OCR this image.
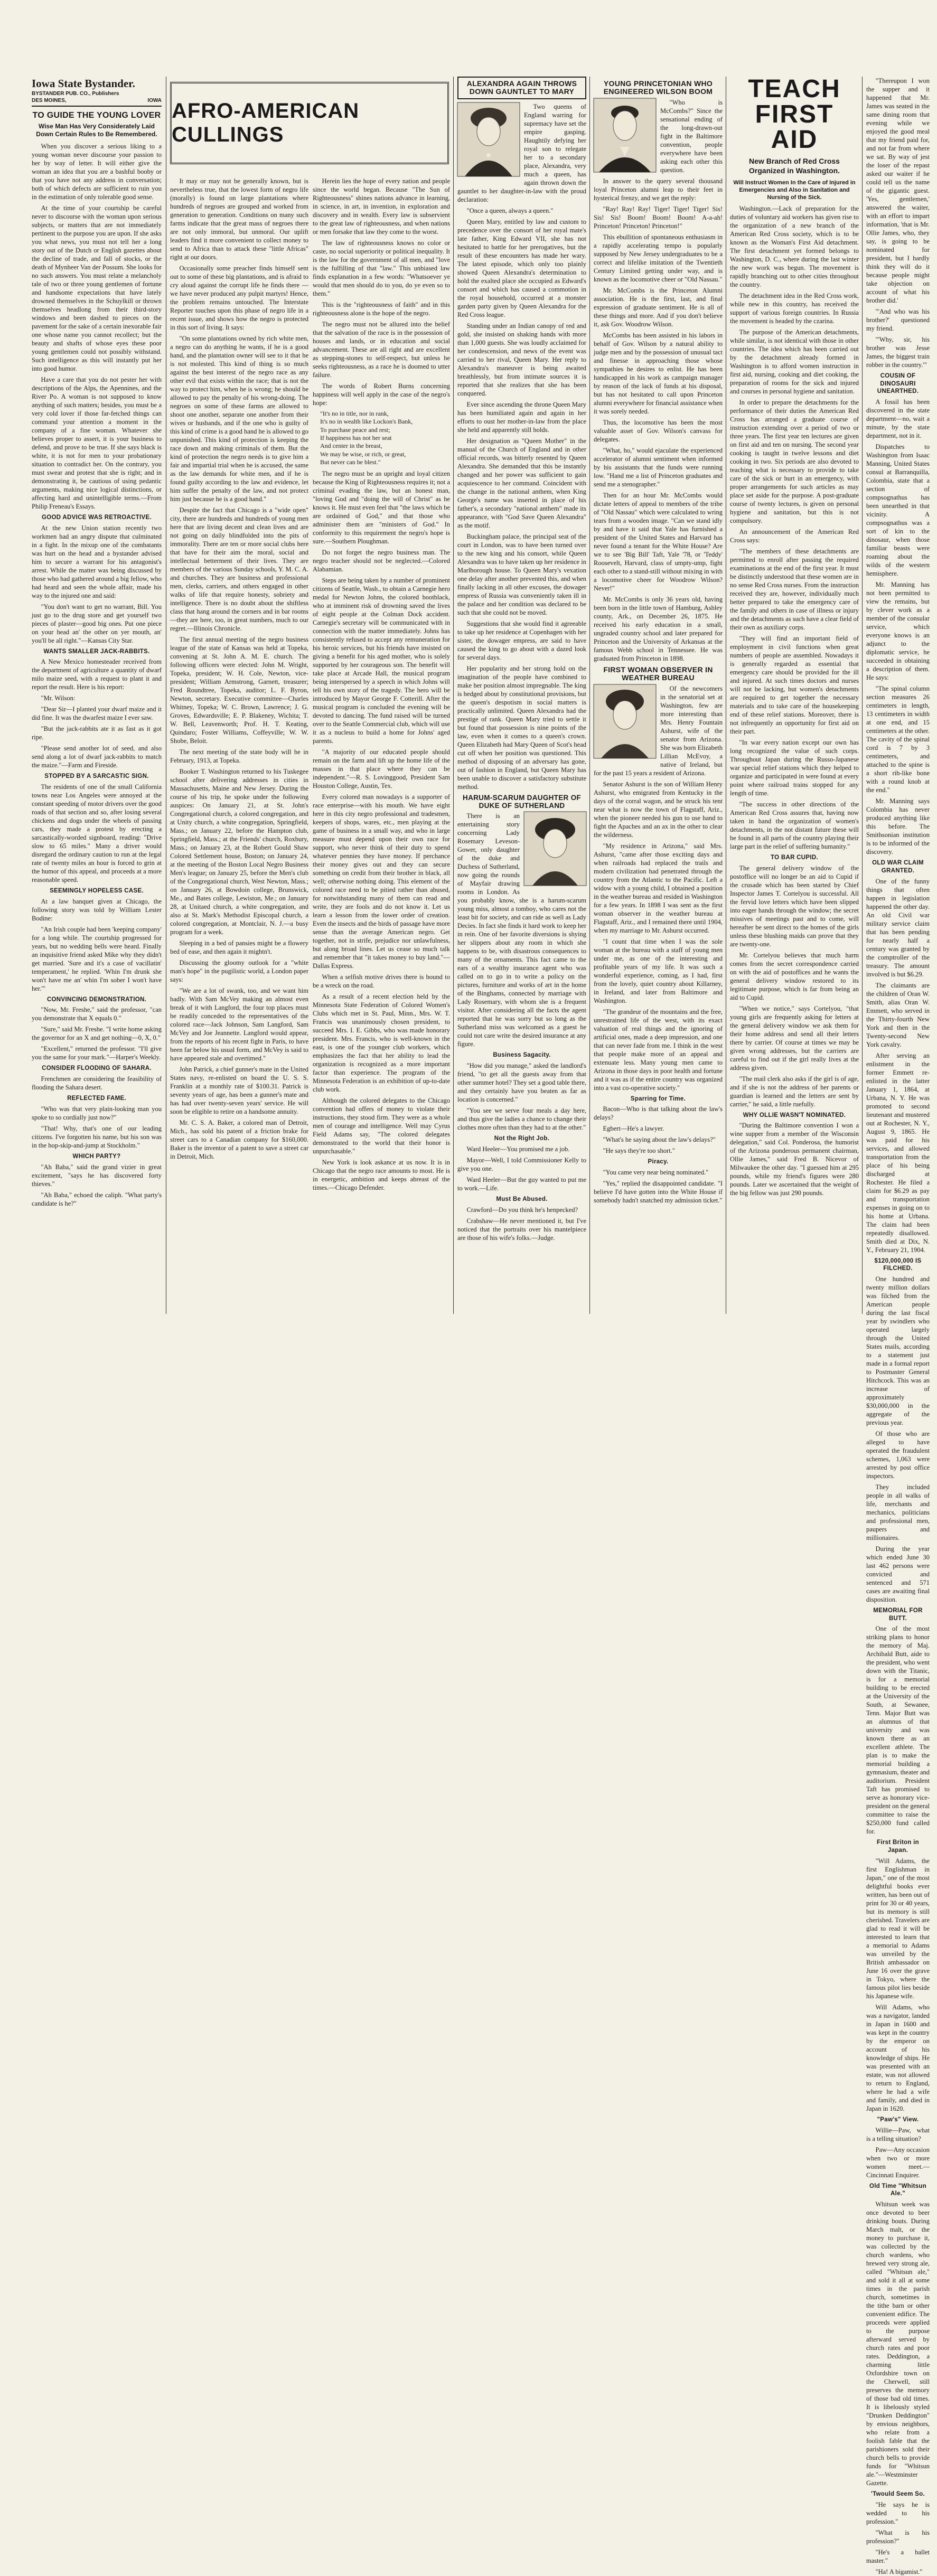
Iowa State Bystander.
BYSTANDER PUB. CO., Publishers
DES MOINES,	IOWA
TO GUIDE THE YOUNG LOVER
Wise Man Has Very Considerately Laid Down Certain Rules to Be Remembered.

When you discover a serious liking to a young woman never discourse your passion to her by way of letter. It will either give the woman an idea that you are a bashful booby or that you have not any address in conversation; both of which defects are sufficient to ruin you in the estimation of only tolerable good sense.

At the time of your courtship be careful never to discourse with the woman upon serious subjects, or matters that are not immediately pertinent to the purpose you are upon. If she asks you what news, you must not tell her a long story out of the Dutch or English gazettes about the decline of trade, and fall of stocks, or the death of Mynheer Van der Possum. She looks for no such answers. You must relate a melancholy tale of two or three young gentlemen of fortune and handsome expectations that have lately drowned themselves in the Schuylkill or thrown themselves headlong from their third-story windows and been dashed to pieces on the pavement for the sake of a certain inexorable fair one whose name you cannot recollect; but the beauty and shafts of whose eyes these poor young gentlemen could not possibly withstand. Such intelligence as this will instantly put her into good humor.

Have a care that you do not pester her with descriptions of the Alps, the Apennines, and the River Po. A woman is not supposed to know anything of such matters; besides, you must be a very cold lover if those far-fetched things can command your attention a moment in the company of a fine woman. Whatever she believes proper to assert, it is your business to defend, and prove to be true. If she says black is white, it is not for men to your probationary situation to contradict her. On the contrary, you must swear and protest that she is right; and in demonstrating it, be cautious of using pedantic arguments, making nice logical distinctions, or affecting hard and unintelligible terms.—From Philip Freneau's Essays.

GOOD ADVICE WAS RETROACTIVE.

At the new Union station recently two workmen had an angry dispute that culminated in a fight. In the mixup one of the combatants was hurt on the head and a bystander advised him to secure a warrant for his antagonist's arrest. While the matter was being discussed by those who had gathered around a big fellow, who had heard and seen the whole affair, made his way to the injured one and said:

"You don't want to get no warrant, Bill. You just go to the drug store and get yourself two pieces of plaster—good big ones. Put one piece on your head an' the other on yer mouth, an' you'll be all right."—Kansas City Star.

WANTS SMALLER JACK-RABBITS.

A New Mexico homesteader received from the department of agriculture a quantity of dwarf milo maize seed, with a request to plant it and report the result. Here is his report:

"Mr. Wilson:

"Dear Sir—I planted your dwarf maize and it did fine. It was the dwarfest maize I ever saw.

"But the jack-rabbits ate it as fast as it got ripe.

"Please send another lot of seed, and also send along a lot of dwarf jack-rabbits to match the maize."—Farm and Fireside.

STOPPED BY A SARCASTIC SIGN.

The residents of one of the small California towns near Los Angeles were annoyed at the constant speeding of motor drivers over the good roads of that section and so, after losing several chickens and dogs under the wheels of passing cars, they made a protest by erecting a sarcastically-worded signboard, reading: "Drive slow to 65 miles." Many a driver would disregard the ordinary caution to run at the legal rate of twenty miles an hour is forced to grin at the humor of this appeal, and proceeds at a more reasonable speed.

SEEMINGLY HOPELESS CASE.

At a law banquet given at Chicago, the following story was told by William Lester Bodine:

"An Irish couple had been 'keeping company' for a long while. The courtship progressed for years, but no wedding bells were heard. Finally an inquisitive friend asked Mike why they didn't get married. 'Sure and it's a case of vacillatin' temperament,' he replied. 'Whin I'm drunk she won't have me an' whin I'm sober I won't have her.'"

CONVINCING DEMONSTRATION.

"Now, Mr. Freshe," said the professor, "can you demonstrate that X equals 0."

"Sure," said Mr. Freshe. "I write home asking the governor for an X and get nothing—0, X, 0."

"Excellent," returned the professor. "I'll give you the same for your mark."—Harper's Weekly.

CONSIDER FLOODING OF SAHARA.

Frenchmen are considering the feasibility of flooding the Sahara desert.

REFLECTED FAME.

"Who was that very plain-looking man you spoke to so cordially just now?"

"That! Why, that's one of our leading citizens. I've forgotten his name, but his son was in the hop-skip-and-jump at Stockholm."

WHICH PARTY?

"Ah Baba," said the grand vizier in great excitement, "says he has discovered forty thieves."

"Ah Baba," echoed the caliph. "What party's candidate is he?"

AFRO-AMERICAN CULLINGS

It may or may not be generally known, but is nevertheless true, that the lowest form of negro life (morally) is found on large plantations where hundreds of negroes are grouped and worked from generation to generation. Conditions on many such farms indicate that the great mass of negroes there are not only immoral, but unmoral. Our uplift leaders find it more convenient to collect money to send to Africa than to attack these "little Africas" right at our doors.

Occasionally some preacher finds himself sent out to some of these big plantations, and is afraid to cry aloud against the corrupt life he finds there —we have never produced any pulpit martyrs! Hence, the problem remains untouched. The Interstate Reporter touches upon this phase of negro life in a recent issue, and shows how the negro is protected in this sort of living. It says:

"On some plantations owned by rich white men, a negro can do anything he wants, if he is a good hand, and the plantation owner will see to it that he is not molested. This kind of thing is so much against the best interest of the negro race as any other evil that exists within the race; that is not the way to protect him, when he is wrong; he should be allowed to pay the penalty of his wrong-doing. The negroes on some of these farms are allowed to shoot one another, separate one another from their wives or husbands, and if the one who is guilty of this kind of crime is a good hand he is allowed to go unpunished. This kind of protection is keeping the race down and making criminals of them. But the kind of protection the negro needs is to give him a fair and impartial trial when he is accused, the same as the law demands for white men, and if he is found guilty according to the law and evidence, let him suffer the penalty of the law, and not protect him just because he is a good hand."

Despite the fact that Chicago is a "wide open" city, there are hundreds and hundreds of young men here that are living decent and clean lives and are not going on daily blindfolded into the pits of immorality. There are ten or more social clubs here that have for their aim the moral, social and intellectual betterment of their lives. They are members of the various Sunday schools, Y. M. C. A. and churches. They are business and professional men, clerks, carriers, and others engaged in other walks of life that require honesty, sobriety and intelligence. There is no doubt about the shiftless class that hang around the corners and in bar rooms—they are here, too, in great numbers, much to our regret.—Illinois Chronicle.

The first annual meeting of the negro business league of the state of Kansas was held at Topeka, convening at St. John A. M. E. church. The following officers were elected: John M. Wright, Topeka, president; W. H. Cole, Newton, vice-president; William Armstrong, Garnett, treasurer; Fred Roundtree, Topeka, auditor; L. F. Byron, Newton, secretary. Executive committee—Charles Whitney, Topeka; W. C. Brown, Lawrence; J. G. Groves, Edwardsville; E. P. Blakeney, Wichita; T. W. Bell, Leavenworth; Prof. H. T. Keating, Quindaro; Foster Williams, Coffeyville; W. W. Shobe, Beloit.

The next meeting of the state body will be in February, 1913, at Topeka.

Booker T. Washington returned to his Tuskegee school after delivering addresses in cities in Massachusetts, Maine and New Jersey. During the course of his trip, he spoke under the following auspices: On January 21, at St. John's Congregational church, a colored congregation, and at Unity church, a white congregation, Springfield, Mass.; on January 22, before the Hampton club, Springfield, Mass.; at the Friends' church, Roxbury, Mass.; on January 23, at the Robert Gould Shaw Colored Settlement house, Boston; on January 24, at the meeting of the Boston Local Negro Business Men's league; on January 25, before the Men's club of the Congregational church, West Newton, Mass.; on January 26, at Bowdoin college, Brunswick, Me., and Bates college, Lewiston, Me.; on January 28, at Unitaed church, a white congregation, and also at St. Mark's Methodist Episcopal church, a colored congregation, at Montclair, N. J.—a busy program for a week.

Sleeping in a bed of pansies might be a flowery bed of ease, and then again it mightn't.

Discussing the gloomy outlook for a "white man's hope" in the pugilistic world, a London paper says:

"We are a lot of swank, too, and we want him badly. With Sam McVey making an almost even break of it with Langford, the four top places must be readily conceded to the representatives of the colored race—Jack Johnson, Sam Langford, Sam McVey and Joe Jeannette. Langford would appear, from the reports of his recent fight in Paris, to have been far below his usual form, and McVey is said to have appeared stale and overtimed."

John Patrick, a chief gunner's mate in the United States navy, re-enlisted on board the U. S. S. Franklin at a monthly rate of $100.31. Patrick is seventy years of age, has been a gunner's mate and has had over twenty-seven years' service. He will soon be eligible to retire on a handsome annuity.

Mr. C. S. A. Baker, a colored man of Detroit, Mich., has sold his patent of a friction brake for street cars to a Canadian company for $160,000. Baker is the inventor of a patent to save a street car in Detroit, Mich.

Herein lies the hope of every nation and people since the world began. Because "The Sun of Righteousness" shines nations advance in learning, in science, in art, in invention, in exploration and discovery and in wealth. Every law is subservient to the great law of righteousness, and when nations or men forsake that law they come to the worst.

The law of righteousness knows no color or caste, no social superiority or political inequality. It is the law for the government of all men, and "love is the fulfilling of that "law." This unbiased law finds explanation in a few words: "Whatsoever ye would that men should do to you, do ye even so to them."

This is the "righteousness of faith" and in this righteousness alone is the hope of the negro.

The negro must not be allured into the belief that the salvation of the race is in the possession of houses and lands, or in education and social advancement. These are all right and are excellent as stepping-stones to self-respect, but unless he seeks righteousness, as a race he is doomed to utter failure.

The words of Robert Burns concerning happiness will well apply in the case of the negro's hope:

"It's no in title, nor in rank,
It's no in wealth like Lockon's Bank,
To purchase peace and rest;
If happiness has not her seat
And center in the breast,
We may be wise, or rich, or great,
But never can be blest."

The negro must be an upright and loyal citizen because the King of Righteousness requires it; not a criminal evading the law, but an honest man, "loving God and "doing the will of Christ" as he knows it. He must even feel that "the laws which be are ordained of God," and that those who administer them are "ministers of God." In conformity to this requirement the negro's hope is sure.—Southern Ploughman.

Do not forget the negro business man. The negro teacher should not be neglected.—Colored Alabamian.

Steps are being taken by a number of prominent citizens of Seattle, Wash., to obtain a Carnegie hero medal for Newton Johns, the colored bootblack, who at imminent risk of drowning saved the lives of eight people at the Colman Dock accident. Carnegie's secretary will be communicated with in connection with the matter immediately. Johns has consistently refused to accept any remuneration for his heroic services, but his friends have insisted on giving a benefit for his aged mother, who is solely supported by her courageous son. The benefit will take place at Arcade Hall, the musical program being interspersed by a speech in which Johns will tell his own story of the tragedy. The hero will be introduced by Mayor George F. Cotterill. After the musical program is concluded the evening will be devoted to dancing. The fund raised will be turned over to the Seattle Commercial club, which will use it as a nucleus to build a home for Johns' aged parents.

"A majority of our educated people should remain on the farm and lift up the home life of the masses in that place where they can be independent."—R. S. Lovinggood, President Sam Houston College, Austin, Tex.

Every colored man nowadays is a supporter of race enterprise—with his mouth. We have eight here in this city negro professional and tradesmen, keepers of shops, wares, etc., men playing at the game of business in a small way, and who in large measure must depend upon their own race for support, who never think of their duty to spend whatever pennies they have money. If perchance their money gives out and they can secure something on credit from their brother in black, all well; otherwise nothing doing. This element of the colored race need to be pitied rather than abused, for notwithstanding many of them can read and write, they are fools and do not know it. Let us learn a lesson from the lower order of creation. Even the insects and the birds of passage have more sense than the average American negro. Get together, not in strife, prejudice nor unlawfulness, but along broad lines. Let us cease so much talk and remember that "it takes money to buy land."—Dallas Express.

When a selfish motive drives there is bound to be a wreck on the road.

As a result of a recent election held by the Minnesota State Federation of Colored Women's Clubs which met in St. Paul, Minn., Mrs. W. T. Francis was unanimously chosen president, to succeed Mrs. I. E. Gibbs, who was made honorary president. Mrs. Francis, who is well-known in the east, is one of the younger club workers, which emphasizes the fact that her ability to lead the organization is recognized as a more important factor than experience. The program of the Minnesota Federation is an exhibition of up-to-date club work.

Although the colored delegates to the Chicago convention had offers of money to violate their instructions, they stood firm. They were as a whole men of courage and intelligence. Well may Cyrus Field Adams say, "The colored delegates demonstrated to the world that their honor is unpurchasable."

New York is look askance at us now. It is in Chicago that the negro race amounts to most. He is in energetic, ambition and keeps abreast of the times.—Chicago Defender.

ALEXANDRA AGAIN THROWS DOWN GAUNTLET TO MARY

Two queens of England warring for supremacy have set the empire gasping. Haughtily defying her royal son to relegate her to a secondary place, Alexandra, very much a queen, has again thrown down the gauntlet to her daughter-in-law with the proud declaration:

"Once a queen, always a queen."

Queen Mary, entitled by law and custom to precedence over the consort of her royal mate's late father, King Edward VII, she has not hesitated to battle for her prerogatives, but the result of these encounters has made her wary. The latest episode, which only too plainly showed Queen Alexandra's determination to hold the exalted place she occupied as Edward's consort and which has caused a commotion in the royal household, occurred at a monster garden party given by Queen Alexandra for the Red Cross league.

Standing under an Indian canopy of red and gold, she insisted on shaking hands with more than 1,000 guests. She was loudly acclaimed for her condescension, and news of the event was carried to her rival, Queen Mary. Her reply to Alexandra's maneuver is being awaited breathlessly, but from intimate sources it is reported that she realizes that she has been conquered.

Ever since ascending the throne Queen Mary has been humiliated again and again in her efforts to oust her mother-in-law from the place she held and apparently still holds.

Her designation as "Queen Mother" in the manual of the Church of England and in other official records, was bitterly resented by Queen Alexandra. She demanded that this be instantly changed and her power was sufficient to gain acquiescence to her command. Coincident with the change in the national anthem, when King George's name was inserted in place of his father's, a secondary "national anthem" made its appearance, with "God Save Queen Alexandra" as the motif.

Buckingham palace, the principal seat of the court in London, was to have been turned over to the new king and his consort, while Queen Alexandra was to have taken up her residence in Marlborough house. To Queen Mary's vexation one delay after another prevented this, and when finally lacking in all other excuses, the dowager empress of Russia was conveniently taken ill in the palace and her condition was declared to be such that she could not be moved.

Suggestions that she would find it agreeable to take up her residence at Copenhagen with her sister, the dowager empress, are said to have caused the king to go about with a dazed look for several days.

Her popularity and her strong hold on the imagination of the people have combined to make her position almost impregnable. The king is hedged about by constitutional provisions, but the queen's despotism in social matters is practically unlimited. Queen Alexandra had the prestige of rank. Queen Mary tried to settle it but found that possession is nine points of the law, even when it comes to a queen's crown. Queen Elizabeth had Mary Queen of Scot's head cut off when her position was questioned. This method of disposing of an adversary has gone, out of fashion in England, but Queen Mary has been unable to discover a satisfactory substitute method.

HARUM-SCARUM DAUGHTER OF DUKE OF SUTHERLAND

There is an entertaining story concerning Lady Rosemary Leveson-Gower, only daughter of the duke and Duchess of Sutherland, now going the rounds of Mayfair drawing rooms in London. As you probably know, she is a harum-scarum young miss, almost a tomboy, who cares not the least bit for society, and can ride as well as Lady Decies. In fact she finds it hard work to keep her in rein. One of her favorite diversions is shying her slippers about any room in which she happens to be, with disastrous consequences to many of the ornaments. This fact came to the ears of a wealthy insurance agent who was called on to go in to write a policy on the pictures, furniture and works of art in the home of the Binghams, connected by marriage with Lady Rosemary, with whom she is a frequent visitor. After considering all the facts the agent reported that he was sorry but so long as the Sutherland miss was welcomed as a guest he could not care write the desired insurance at any figure.

Business Sagacity.

"How did you manage," asked the landlord's friend, "to get all the guests away from that other summer hotel? They set a good table there, and they certainly have you beaten as far as location is concerned."

"You see we serve four meals a day here, and thus give the ladies a chance to change their clothes more often than they had to at the other."

Not the Right Job.

Ward Heeler—You promised me a job.

Mayor—Well, I told Commissioner Kelly to give you one.

Ward Heeler—But the guy wanted to put me to work.—Life.

Must Be Abused.

Crawford—Do you think he's henpecked?

Crabshaw—He never mentioned it, but I've noticed that the portraits over his mantelpiece are those of his wife's folks.—Judge.

YOUNG PRINCETONIAN WHO ENGINEERED WILSON BOOM

"Who is McCombs?" Since the sensational ending of the long-drawn-out fight in the Baltimore convention, people everywhere have been asking each other this question.

In answer to the query several thousand loyal Princeton alumni leap to their feet in hysterical frenzy, and we get the reply:

"Ray! Ray! Ray! Tiger! Tiger! Tiger! Sis! Sis! Sis! Boom! Boom! Boom! A-a-ah! Princeton! Princeton! Princeton!"

This ebullition of spontaneous enthusiasm in a rapidly accelerating tempo is popularly supposed by New Jersey undergraduates to be a correct and lifelike imitation of the Twentieth Century Limited getting under way, and is known as the locomotive cheer or "Old Nassau."

Mr. McCombs is the Princeton Alumni association. He is the first, last, and final expression of graduate sentiment. He is all of these things and more. And if you don't believe it, ask Gov. Woodrow Wilson.

McCombs has been assisted in his labors in behalf of Gov. Wilson by a natural ability to judge men and by the possession of unusual tact and finesse in approaching those whose sympathies he desires to enlist. He has been handicapped in his work as campaign manager by reason of the lack of funds at his disposal, but has not hesitated to call upon Princeton alumni everywhere for financial assistance when it was sorely needed.

Thus, the locomotive has been the most valuable asset of Gov. Wilson's canvass for delegates.

"What, ho," would ejaculate the experienced accelerator of alumni sentiment when informed by his assistants that the funds were running low. "Hand me a list of Princeton graduates and send me a stenographer."

Then for an hour Mr. McCombs would dictate letters of appeal to members of the tribe of "Old Nassau" which were calculated to wring tears from a wooden image. "Can we stand idly by and have it said that Yale has furnished a president of the United States and Harvard has never found a tenant for the White House? Are we to see 'Big Bill' Taft, Yale '78, or 'Teddy' Roosevelt, Harvard, class of umpty-ump, fight each other to a stand-still without mixing in with a locomotive cheer for Woodrow Wilson? Never!"

Mr. McCombs is only 36 years old, having been born in the little town of Hamburg, Ashley county, Ark., on December 26, 1875. He received his early education in a small, ungraded country school and later prepared for Princeton and the University of Arkansas at the famous Webb school in Tennessee. He was graduated from Princeton in 1898.

FIRST WOMAN OBSERVER IN WEATHER BUREAU

Of the newcomers in the senatorial set at Washington, few are more interesting than Mrs. Henry Fountain Ashurst, wife of the senator from Arizona. She was born Elizabeth Lillian McEvoy, a native of Ireland, but for the past 15 years a resident of Arizona.

Senator Ashurst is the son of William Henry Ashurst, who emigrated from Kentucky in the days of the corral wagon, and he struck his tent near what is now the town of Flagstaff, Ariz., when the pioneer needed his gun to use hand to fight the Apaches and an ax in the other to clear the wilderness.

"My residence in Arizona," said Mrs. Ashurst, "came after those exciting days and when railroads had replaced the trails and modern civilization had penetrated through the country from the Atlantic to the Pacific. Left a widow with a young child, I obtained a position in the weather bureau and resided in Washington for a few years. In 1898 I was sent as the first woman observer in the weather bureau at Flagstaff, Ariz., and I remained there until 1904, when my marriage to Mr. Ashurst occurred.

"I count that time when I was the sole woman at the bureau with a staff of young men under me, as one of the interesting and profitable years of my life. It was such a wonderful experience, coming, as I had, first from the lovely, quiet country about Killarney, in Ireland, and later from Baltimore and Washington.

"The grandeur of the mountains and the free, unrestrained life of the west, with its exact valuation of real things and the ignoring of artificial ones, made a deep impression, and one that can never fade from me. I think in the west that people make more of an appeal and extenuate less. Many young men came to Arizona in those days in poor health and fortune and it was as if the entire country was organized into a vast co-operative society."

Sparring for Time.

Bacon—Who is that talking about the law's delays?

Egbert—He's a lawyer.

"What's he saying about the law's delays?"

"He says they're too short."

Piracy.

"You came very near being nominated."

"Yes," replied the disappointed candidate. "I believe I'd have gotten into the White House if somebody hadn't snatched my admission ticket."

TEACH FIRST AID
New Branch of Red Cross Organized in Washington.
Will Instruct Women In the Care of Injured in Emergencies and Also in Sanitation and Nursing of the Sick.

Washington.—Lack of preparation for the duties of voluntary aid workers has given rise to the organization of a new branch of the American Red Cross society, which is to be known as the Woman's First Aid detachment. The first detachment yet formed belongs to Washington, D. C., where during the last winter the new work was begun. The movement is rapidly branching out to other cities throughout the country.

The detachment idea in the Red Cross work, while new in this country, has received the support of various foreign countries. In Russia the movement is headed by the czarina.

The purpose of the American detachments, while similar, is not identical with those in other countries. The idea which has been carried out by the detachment already formed in Washington is to afford women instruction in first aid, nursing, cooking and diet cooking, the preparation of rooms for the sick and injured and courses in personal hygiene and sanitation.

In order to prepare the detachments for the performance of their duties the American Red Cross has arranged a graduate course of instruction extending over a period of two or three years. The first year ten lectures are given on first aid and ten on nursing. The second year cooking is taught in twelve lessons and diet cooking in two. Six periods are also devoted to teaching what is necessary to provide to take care of the sick or hurt in an emergency, with proper arrangements for such articles as may place set aside for the purpose. A post-graduate course of twenty lectures, is given on personal hygiene and sanitation, but this is not compulsory.

An announcement of the American Red Cross says:

"The members of these detachments are permitted to enroll after passing the required examinations at the end of the first year. It must be distinctly understood that these women are in no sense Red Cross nurses. From the instruction received they are, however, individually much better prepared to take the emergency care of the family and others in case of illness or injury and the detachments as such have a clear field of their own as auxiliary corps.

"They will find an important field of employment in civil functions when great numbers of people are assembled. Nowadays it is generally regarded as essential that emergency care should be provided for the ill and injured. At such times doctors and nurses will not be lacking, but women's detachments are required to get together the necessary materials and to take care of the housekeeping end of these relief stations. Moreover, there is not infrequently an opportunity for first aid on their part.

"In war every nation except our own has long recognized the value of such corps. Throughout Japan during the Russo-Japanese war special relief stations which they helped to organize and participated in were found at every point where railroad trains stopped for any length of time.

"The success in other directions of the American Red Cross assures that, having now taken in hand the organization of women's detachments, in the not distant future these will be found in all parts of the country playing their large part in the relief of suffering humanity."

TO BAR CUPID.

The general delivery window of the postoffice will no longer be an aid to Cupid if the crusade which has been started by Chief Inspector James T. Cortelyou is successful. All the fervid love letters which have been slipped into eager hands through the window; the secret missives of meetings past and to come, will hereafter be sent direct to the homes of the girls unless these blushing maids can prove that they are twenty-one.

Mr. Cortelyou believes that much harm comes from the secret correspondence carried on with the aid of postoffices and he wants the general delivery window restored to its legitimate purpose, which is far from being an aid to Cupid.

"When we notice," says Cortelyou, "that young girls are frequently asking for letters at the general delivery window we ask them for their home address and send all their letters there by carrier. Of course at times we may be given wrong addresses, but the carriers are careful to find out if the girl really lives at the address given.

"The mail clerk also asks if the girl is of age, and if she is not the address of her parents or guardian is learned and the letters are sent by carrier," he said, a little ruefully.

WHY OLLIE WASN'T NOMINATED.

"During the Baltimore convention I won a wine supper from a member of the Wisconsin delegation," said Col. Ponderosa, the humorist of the Arizona ponderous permanent chairman, Ollie James," said Fred B. Nicevor of Milwaukee the other day. "I guessed him at 295 pounds, while my friend's figures were 280 pounds. Later we ascertained that the weight of the big fellow was just 290 pounds.

"Thereupon I won the supper and it happened that Mr. James was seated in the same dining room that evening while we enjoyed the good meal that my friend paid for, and not far from where we sat. By way of jest the loser of the repast asked our waiter if he could tell us the name of the gigantic guest. 'Yes, gentlemen,' answered the waiter, with an effort to impart information, 'that is Mr. Ollie James, who, they say, is going to be nominated for president, but I hardly think they will do it because people might take objection on account of what his brother did.'

"'And who was his brother?' questioned my friend.

"'Why, sir, his brother was Jesse James, the biggest train robber in the country.'"

COUSIN OF DINOSAURI UNEARTHED.

A fossil has been discovered in the state department—no, wait a minute, by the state department, not in it.

Dispatches to Washington from Isaac Manning, United States consul at Barranquilla, Colombia, state that a section of compsognathus has been unearthed in that vicinity. A compsognathus was a sort of kin to the dinosaur, when those familiar beasts were roaming about the wilds of the western hemisphere.

Mr. Manning has not been permitted to view the remains, but by clever work as a member of the consular service, which everyone knows is an adjunct to the diplomatic service, he succeeded in obtaining a description of them. He says:

"The spinal column section measures 26 centimeters in length, 13 centimeters in width at one end, and 15 centimeters at the other. The cavity of the spinal cord is 7 by 3 centimeters, and attached to the spine is a short rib-like bone with a round knob at the end."

Mr. Manning says Colombia has never produced anything like this before. The Smithsonian institution is to be informed of the discovery.

OLD WAR CLAIM GRANTED.

One of the funny things that often happen in legislation happened the other day. An old Civil war military service claim that has been pending for nearly half a century was granted by the comptroller of the treasury. The amount involved is but $6.29.

The claimants are the children of Oran W. Smith, alias Oran W. Emmett, who served in the Thirty-fourth New York and then in the Twenty-second New York cavalry.

After serving an enlistment in the former Emmett re-enlisted in the latter January 1, 1864, at Urbana, N. Y. He was promoted to second lieutenant and mustered out at Rochester, N. Y., August 9, 1865. He was paid for his services, and allowed transportation from the place of his being discharged at Rochester. He filed a claim for $6.29 as pay and transportation expenses in going on to his home at Urbana. The claim had been repeatedly disallowed. Smith died at Dix, N. Y., February 21, 1904.

$120,000,000 IS FILCHED.

One hundred and twenty million dollars was filched from the American people during the last fiscal year by swindlers who operated largely through the United States mails, according to a statement just made in a formal report to Postmaster General Hitchcock. This was an increase of approximately $30,000,000 in the aggregate of the previous year.

Of those who are alleged to have operated the fraudulent schemes, 1,063 were arrested by post office inspectors.

They included people in all walks of life, merchants and mechanics, politicians and professional men, paupers and millionaires.

During the year which ended June 30 last 462 persons were convicted and sentenced and 571 cases are awaiting final disposition.

MEMORIAL FOR BUTT.

One of the most striking plans to honor the memory of Maj. Archibald Butt, aide to the president, who went down with the Titanic, is for a memorial building to be erected at the University of the South, at Sewanee, Tenn. Major Butt was an alumnus of that university and was known there as an excellent athlete. The plan is to make the memorial building a gymnasium, theater and auditorium. President Taft has promised to serve as honorary vice-president on the general committee to raise the $250,000 fund called for.

First Briton in Japan.

"Will Adams, the first Englishman in Japan," one of the most delightful books ever written, has been out of print for 30 or 40 years, but its memory is still cherished. Travelers are glad to read it will be interested to learn that a memorial to Adams was unveiled by the British ambassador on June 16 over the grave in Tokyo, where the famous pilot lies beside his Japanese wife.

Will Adams, who was a navigator, landed in Japan in 1600 and was kept in the country by the emperor on account of his knowledge of ships. He was presented with an estate, was not allowed to return to England, where he had a wife and family, and died in Japan in 1620.

"Paw's" View.

Willie—Paw, what is a telling situation?

Paw—Any occasion when two or more women meet.—Cincinnati Enquirer.

Old Time "Whitsun Ale."

Whitsun week was once devoted to beer drinking bouts. During March malt, or the money to purchase it, was collected by the church wardens, who brewed very strong ale, called "Whitsun ale," and sold it all at some times in the parish church, sometimes in the tithe barn or other convenient edifice. The proceeds were applied to the purpose afterward served by church rates and poor rates. Deddington, a charming little Oxfordshire town on the Cherwell, still preserves the memory of those bad old times. It is libelously styled "Drunken Deddington" by envious neighbors, who relate from a foolish fable that the parishioners sold their church bells to provide funds for "Whitsun ale."—Westminster Gazette.

'Twould Seem So.

"He says he is wedded to his profession."

"What is his profession?"

"He's a ballet master."

"Ha! A bigamist."
